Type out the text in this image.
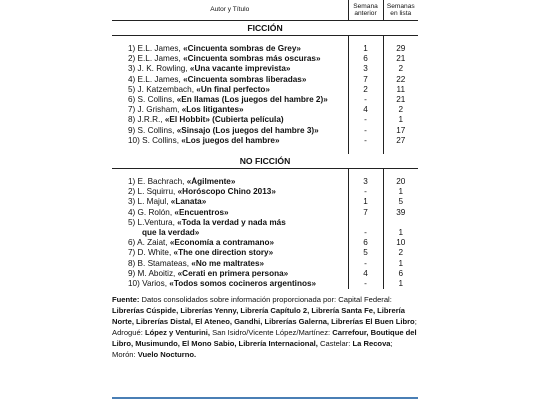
Autor y Título	Semana anterior	Semanas en lista
FICCIÓN		

1) E.L. James, «Cincuenta sombras de Grey»	1	29
2) E.L. James, «Cincuenta sombras más oscuras»	6	21
3) J. K. Rowling, «Una vacante imprevista»	3	2
4) E.L. James, «Cincuenta sombras liberadas»	7	22
5) J. Katzembach, «Un final perfecto»	2	11
6) S. Collins, «En llamas (Los juegos del hambre 2)»	-	21
7) J. Grisham, «Los litigantes»	4	2
8) J.R.R., «El Hobbit» (Cubierta película)	-	1
9) S. Collins, «Sinsajo (Los juegos del hambre 3)»	-	17
10) S. Collins, «Los juegos del hambre»	-	27

NO FICCIÓN		

1) E. Bachrach, «Ágilmente»	3	20
2) L. Squirru, «Horóscopo Chino 2013»	-	1
3) L. Majul, «Lanata»	1	5
4) G. Rolón, «Encuentros»	7	39
5) L.Ventura, «Toda la verdad y nada más
que la verdad»	-	1
6) A. Zaiat, «Economía a contramano»	6	10
7) D. White, «The one direction story»	5	2
8) B. Stamateas, «No me maltrates»	-	1
9) M. Aboitiz, «Cerati en primera persona»	4	6
10) Varios, «Todos somos cocineros argentinos»	-	1
Fuente: Datos consolidados sobre información proporcionada por: Capital Federal: Librerías Cúspide, Librerías Yenny, Librería Capítulo 2, Librería Santa Fe, Librería Norte, Librerías Distal, El Ateneo, Gandhi, Librerías Galerna, Librerías El Buen Libro; Adrogué: López y Venturini, San Isidro/Vicente López/Martínez: Carrefour, Boutique del Libro, Musimundo, El Mono Sabio, Librería Internacional, Castelar: La Recova; Morón: Vuelo Nocturno.
